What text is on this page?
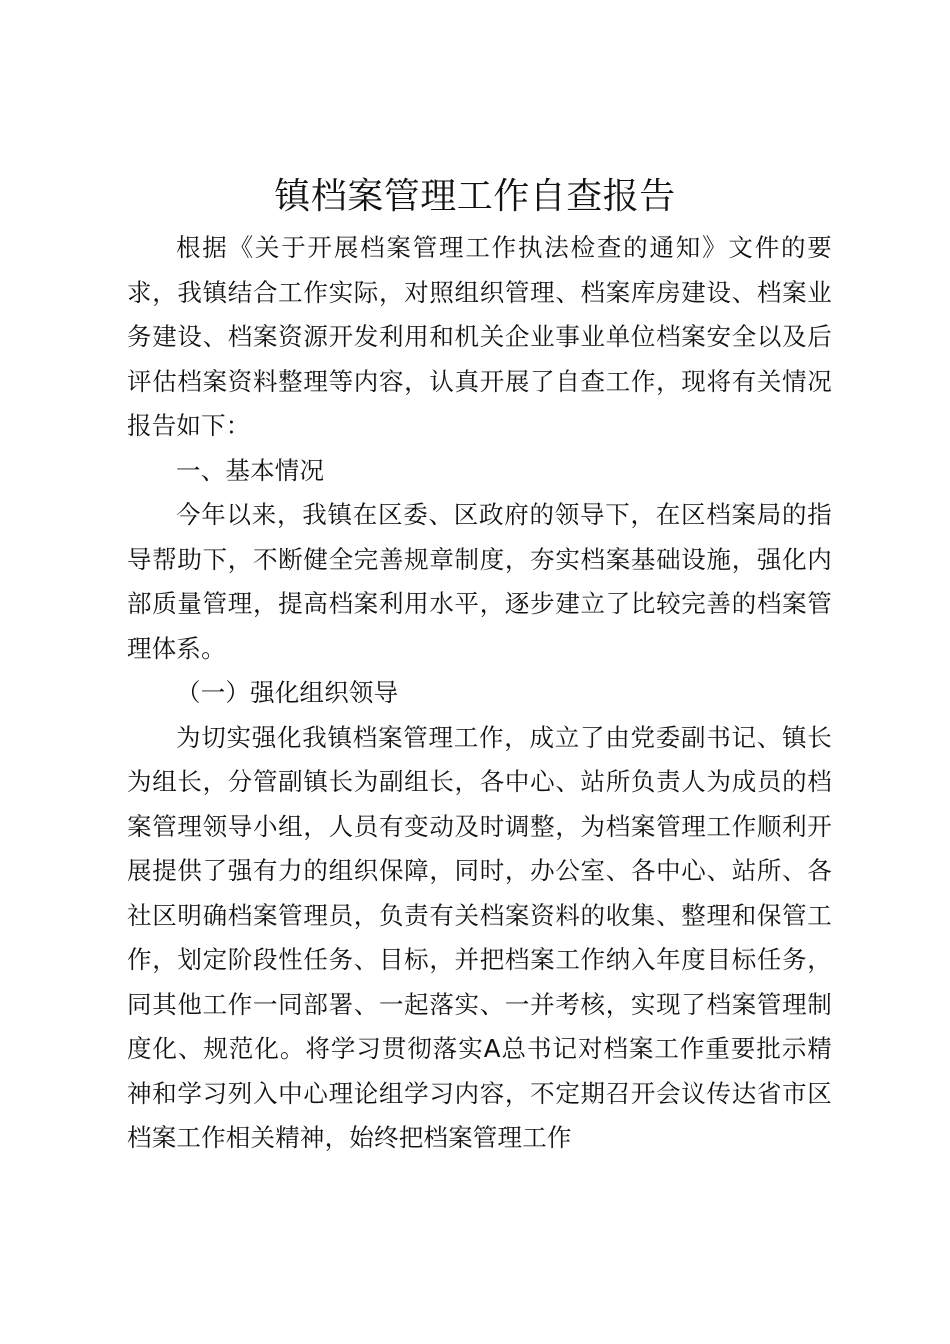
镇档案管理工作自查报告

根据《关于开展档案管理工作执法检查的通知》文件的要求，我镇结合工作实际，对照组织管理、档案库房建设、档案业务建设、档案资源开发利用和机关企业事业单位档案安全以及后评估档案资料整理等内容，认真开展了自查工作，现将有关情况报告如下：

一、基本情况

今年以来，我镇在区委、区政府的领导下，在区档案局的指导帮助下，不断健全完善规章制度，夯实档案基础设施，强化内部质量管理，提高档案利用水平，逐步建立了比较完善的档案管理体系。

（一）强化组织领导

为切实强化我镇档案管理工作，成立了由党委副书记、镇长为组长，分管副镇长为副组长，各中心、站所负责人为成员的档案管理领导小组，人员有变动及时调整，为档案管理工作顺利开展提供了强有力的组织保障，同时，办公室、各中心、站所、各社区明确档案管理员，负责有关档案资料的收集、整理和保管工作，划定阶段性任务、目标，并把档案工作纳入年度目标任务，同其他工作一同部署、一起落实、一并考核，实现了档案管理制度化、规范化。将学习贯彻落实A总书记对档案工作重要批示精神和学习列入中心理论组学习内容，不定期召开会议传达省市区档案工作相关精神，始终把档案管理工作
